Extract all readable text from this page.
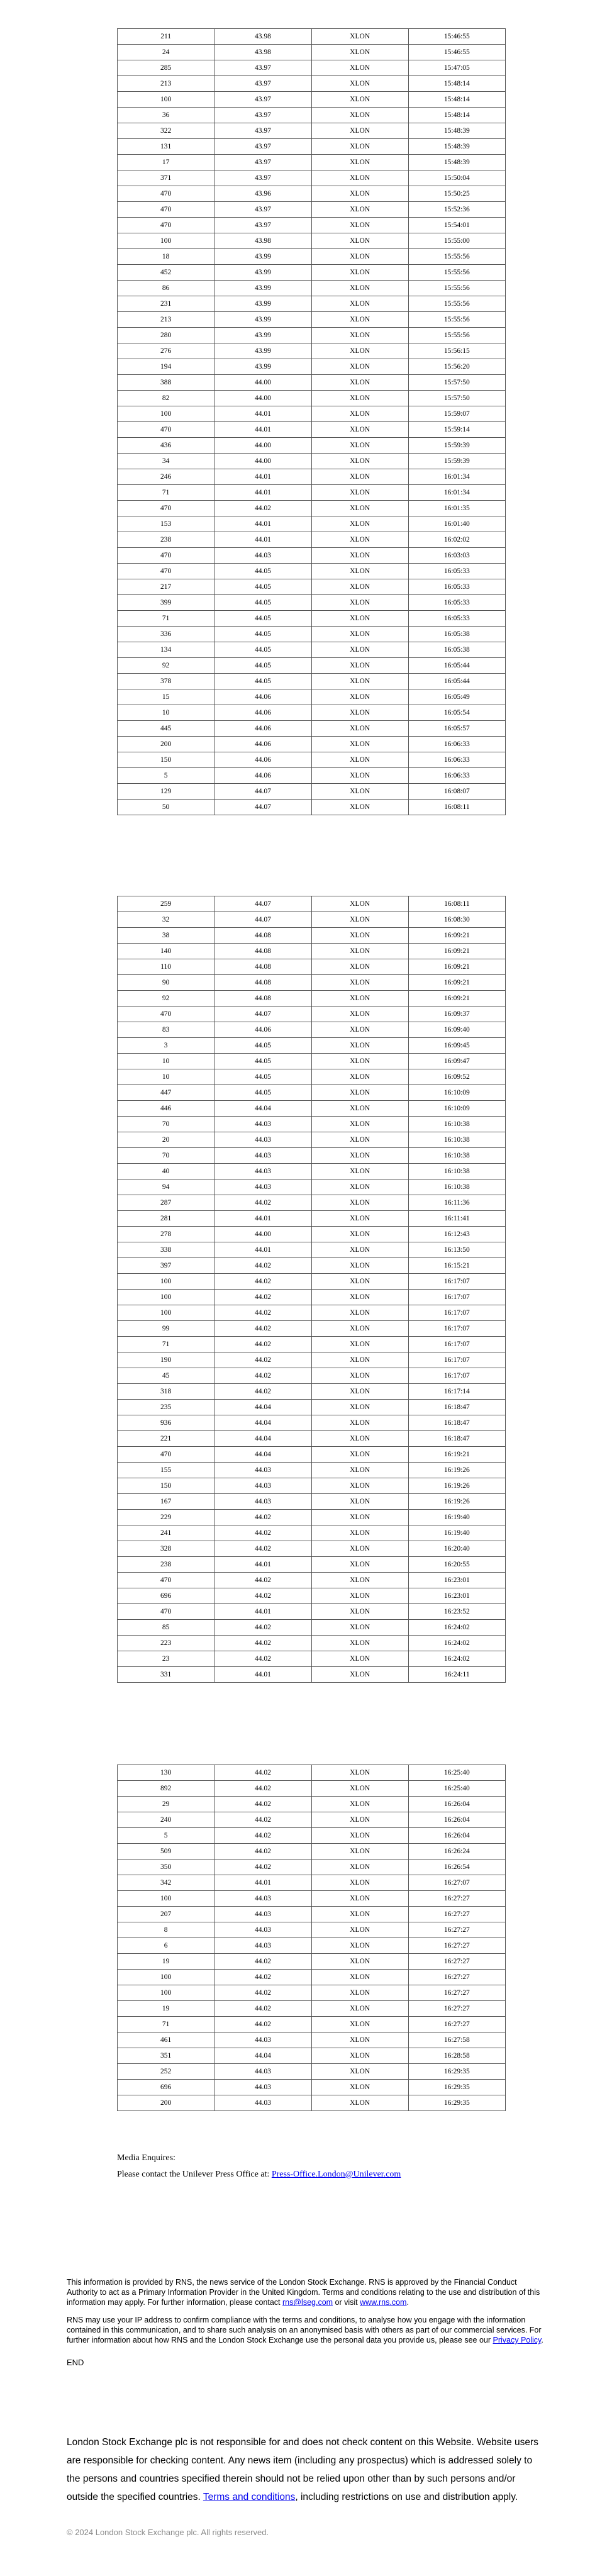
211	43.98	XLON	15:46:55
24	43.98	XLON	15:46:55
285	43.97	XLON	15:47:05
213	43.97	XLON	15:48:14
100	43.97	XLON	15:48:14
36	43.97	XLON	15:48:14
322	43.97	XLON	15:48:39
131	43.97	XLON	15:48:39
17	43.97	XLON	15:48:39
371	43.97	XLON	15:50:04
470	43.96	XLON	15:50:25
470	43.97	XLON	15:52:36
470	43.97	XLON	15:54:01
100	43.98	XLON	15:55:00
18	43.99	XLON	15:55:56
452	43.99	XLON	15:55:56
86	43.99	XLON	15:55:56
231	43.99	XLON	15:55:56
213	43.99	XLON	15:55:56
280	43.99	XLON	15:55:56
276	43.99	XLON	15:56:15
194	43.99	XLON	15:56:20
388	44.00	XLON	15:57:50
82	44.00	XLON	15:57:50
100	44.01	XLON	15:59:07
470	44.01	XLON	15:59:14
436	44.00	XLON	15:59:39
34	44.00	XLON	15:59:39
246	44.01	XLON	16:01:34
71	44.01	XLON	16:01:34
470	44.02	XLON	16:01:35
153	44.01	XLON	16:01:40
238	44.01	XLON	16:02:02
470	44.03	XLON	16:03:03
470	44.05	XLON	16:05:33
217	44.05	XLON	16:05:33
399	44.05	XLON	16:05:33
71	44.05	XLON	16:05:33
336	44.05	XLON	16:05:38
134	44.05	XLON	16:05:38
92	44.05	XLON	16:05:44
378	44.05	XLON	16:05:44
15	44.06	XLON	16:05:49
10	44.06	XLON	16:05:54
445	44.06	XLON	16:05:57
200	44.06	XLON	16:06:33
150	44.06	XLON	16:06:33
5	44.06	XLON	16:06:33
129	44.07	XLON	16:08:07
50	44.07	XLON	16:08:11
259	44.07	XLON	16:08:11
32	44.07	XLON	16:08:30
38	44.08	XLON	16:09:21
140	44.08	XLON	16:09:21
110	44.08	XLON	16:09:21
90	44.08	XLON	16:09:21
92	44.08	XLON	16:09:21
470	44.07	XLON	16:09:37
83	44.06	XLON	16:09:40
3	44.05	XLON	16:09:45
10	44.05	XLON	16:09:47
10	44.05	XLON	16:09:52
447	44.05	XLON	16:10:09
446	44.04	XLON	16:10:09
70	44.03	XLON	16:10:38
20	44.03	XLON	16:10:38
70	44.03	XLON	16:10:38
40	44.03	XLON	16:10:38
94	44.03	XLON	16:10:38
287	44.02	XLON	16:11:36
281	44.01	XLON	16:11:41
278	44.00	XLON	16:12:43
338	44.01	XLON	16:13:50
397	44.02	XLON	16:15:21
100	44.02	XLON	16:17:07
100	44.02	XLON	16:17:07
100	44.02	XLON	16:17:07
99	44.02	XLON	16:17:07
71	44.02	XLON	16:17:07
190	44.02	XLON	16:17:07
45	44.02	XLON	16:17:07
318	44.02	XLON	16:17:14
235	44.04	XLON	16:18:47
936	44.04	XLON	16:18:47
221	44.04	XLON	16:18:47
470	44.04	XLON	16:19:21
155	44.03	XLON	16:19:26
150	44.03	XLON	16:19:26
167	44.03	XLON	16:19:26
229	44.02	XLON	16:19:40
241	44.02	XLON	16:19:40
328	44.02	XLON	16:20:40
238	44.01	XLON	16:20:55
470	44.02	XLON	16:23:01
696	44.02	XLON	16:23:01
470	44.01	XLON	16:23:52
85	44.02	XLON	16:24:02
223	44.02	XLON	16:24:02
23	44.02	XLON	16:24:02
331	44.01	XLON	16:24:11
130	44.02	XLON	16:25:40
892	44.02	XLON	16:25:40
29	44.02	XLON	16:26:04
240	44.02	XLON	16:26:04
5	44.02	XLON	16:26:04
509	44.02	XLON	16:26:24
350	44.02	XLON	16:26:54
342	44.01	XLON	16:27:07
100	44.03	XLON	16:27:27
207	44.03	XLON	16:27:27
8	44.03	XLON	16:27:27
6	44.03	XLON	16:27:27
19	44.02	XLON	16:27:27
100	44.02	XLON	16:27:27
100	44.02	XLON	16:27:27
19	44.02	XLON	16:27:27
71	44.02	XLON	16:27:27
461	44.03	XLON	16:27:58
351	44.04	XLON	16:28:58
252	44.03	XLON	16:29:35
696	44.03	XLON	16:29:35
200	44.03	XLON	16:29:35
Media Enquires:
Please contact the Unilever Press Office at: Press-Office.London@Unilever.com
This information is provided by RNS, the news service of the London Stock Exchange. RNS is approved by the Financial Conduct Authority to act as a Primary Information Provider in the United Kingdom. Terms and conditions relating to the use and distribution of this information may apply. For further information, please contact rns@lseg.com or visit www.rns.com.
RNS may use your IP address to confirm compliance with the terms and conditions, to analyse how you engage with the information contained in this communication, and to share such analysis on an anonymised basis with others as part of our commercial services. For further information about how RNS and the London Stock Exchange use the personal data you provide us, please see our Privacy Policy.
END
London Stock Exchange plc is not responsible for and does not check content on this Website. Website users are responsible for checking content. Any news item (including any prospectus) which is addressed solely to the persons and countries specified therein should not be relied upon other than by such persons and/or outside the specified countries. Terms and conditions, including restrictions on use and distribution apply.
© 2024 London Stock Exchange plc. All rights reserved.
